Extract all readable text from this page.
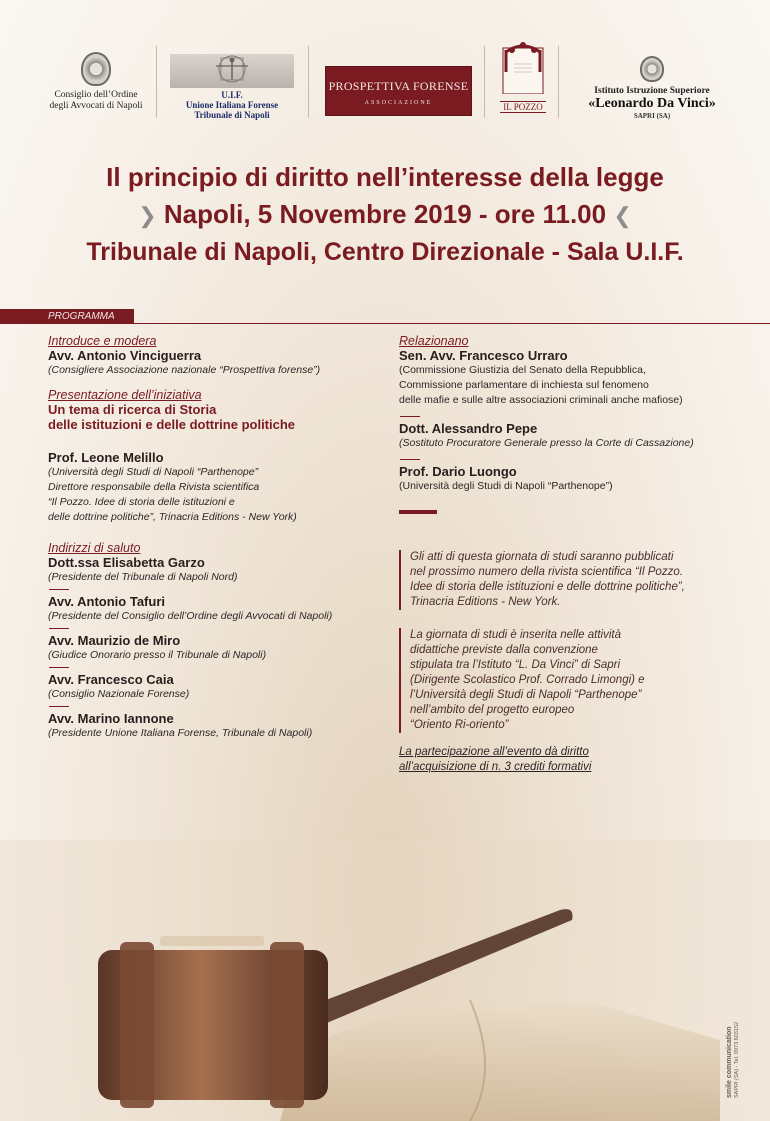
Consiglio dell’Ordine
degli Avvocati di Napoli
U.I.F.
Unione Italiana Forense
Tribunale di Napoli
PROSPETTIVA FORENSE
ASSOCIAZIONE	IL POZZO
Istituto Istruzione Superiore
«Leonardo Da Vinci»
SAPRI (SA)
Il principio di diritto nell’interesse della legge
❯ Napoli, 5 Novembre 2019 - ore 11.00 ❮
Tribunale di Napoli, Centro Direzionale - Sala U.I.F.
PROGRAMMA
Introduce e modera
Avv. Antonio Vinciguerra
(Consigliere Associazione nazionale “Prospettiva forense”)
Presentazione dell’iniziativa
Un tema di ricerca di Storia
delle istituzioni e delle dottrine politiche
Prof. Leone Melillo
(Università degli Studi di Napoli “Parthenope”
Direttore responsabile della Rivista scientifica
“Il Pozzo. Idee di storia delle istituzioni e
delle dottrine politiche”, Trinacria Editions - New York)
Indirizzi di saluto
Dott.ssa Elisabetta Garzo
(Presidente del Tribunale di Napoli Nord)
Avv. Antonio Tafuri
(Presidente del Consiglio dell’Ordine degli Avvocati di Napoli)
Avv. Maurizio de Miro
(Giudice Onorario presso il Tribunale di Napoli)
Avv. Francesco Caia
(Consiglio Nazionale Forense)
Avv. Marino Iannone
(Presidente Unione Italiana Forense, Tribunale di Napoli)
Relazionano
Sen. Avv. Francesco Urraro
(Commissione Giustizia del Senato della Repubblica,
Commissione parlamentare di inchiesta sul fenomeno
delle mafie e sulle altre associazioni criminali anche mafiose)
Dott. Alessandro Pepe
(Sostituto Procuratore Generale presso la Corte di Cassazione)
Prof. Dario Luongo
(Università degli Studi di Napoli “Parthenope”)
Gli atti di questa giornata di studi saranno pubblicati
nel prossimo numero della rivista scientifica “Il Pozzo.
Idee di storia delle istituzioni e delle dottrine politiche”,
Trinacria Editions - New York.
La giornata di studi è inserita nelle attività
didattiche previste dalla convenzione
stipulata tra l’Istituto “L. Da Vinci” di Sapri
(Dirigente Scolastico Prof. Corrado Limongi) e
l’Università degli Studi di Napoli “Parthenope”
nell’ambito del progetto europeo
“Oriento Ri-oriento”
La partecipazione all’evento dà diritto
all’acquisizione di n. 3 crediti formativi
smile communication
SAPRI (SA) - Tel. 0973 603152
